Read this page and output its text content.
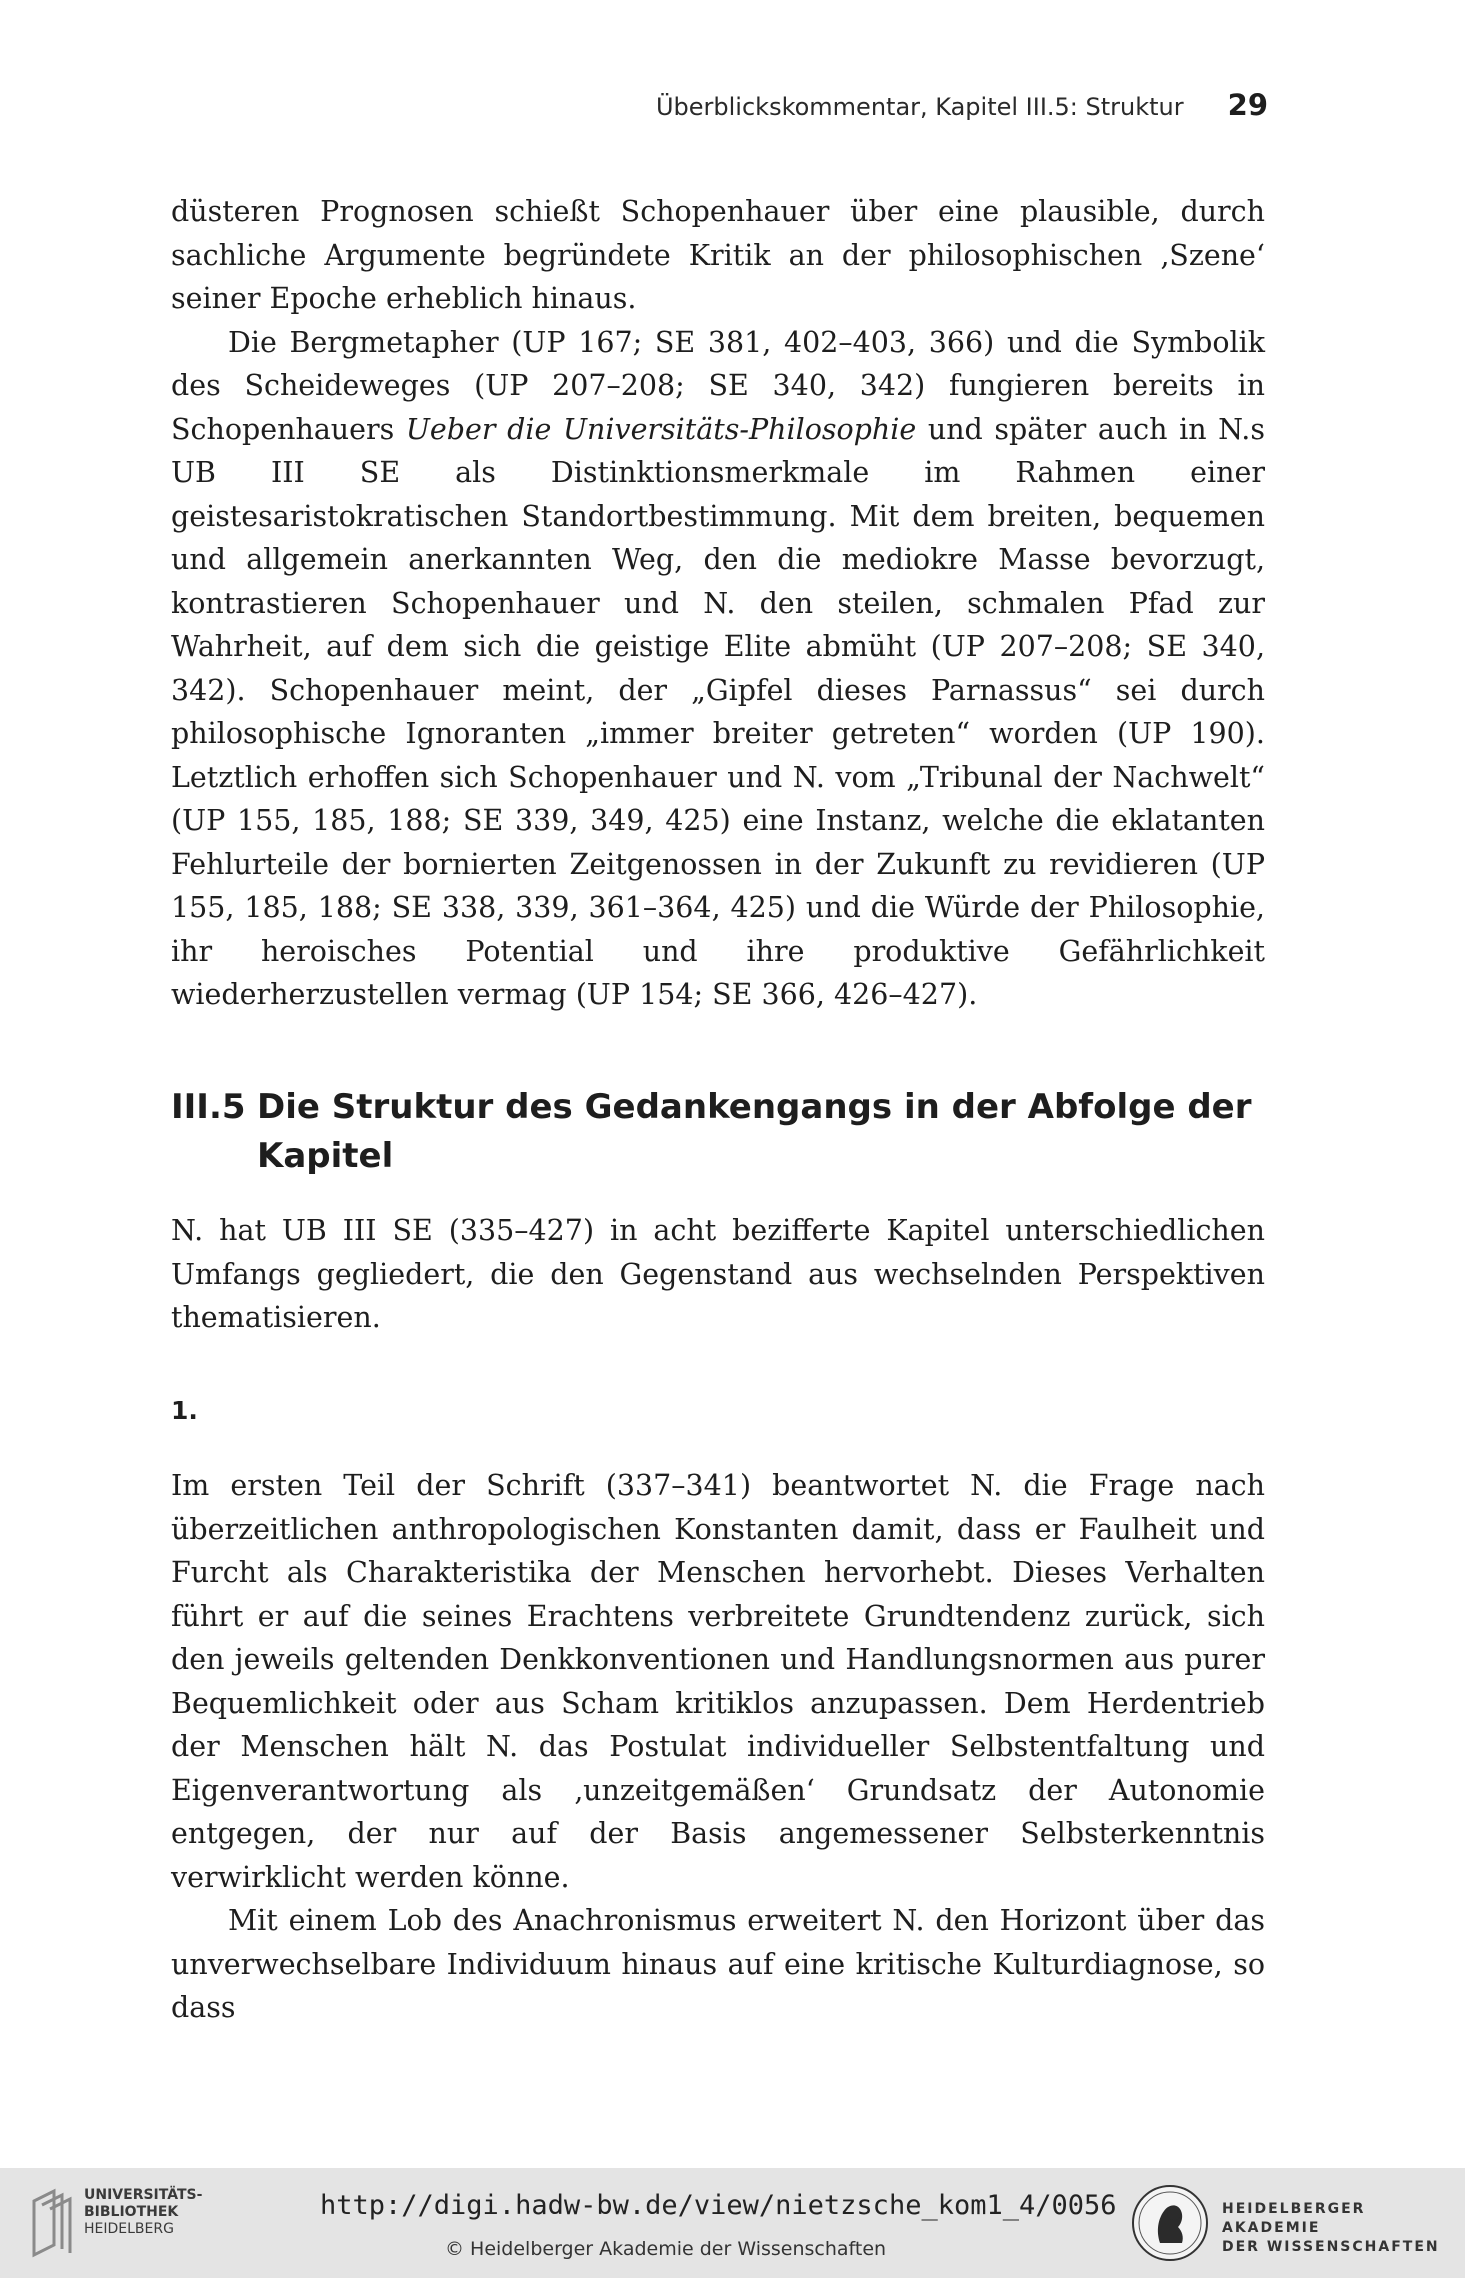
Überblickskommentar, Kapitel III.5: Struktur 29

düsteren Prognosen schießt Schopenhauer über eine plausible, durch sachliche Argumente begründete Kritik an der philosophischen ‚Szene‘ seiner Epoche erheblich hinaus.

Die Bergmetapher (UP 167; SE 381, 402–403, 366) und die Symbolik des Scheideweges (UP 207–208; SE 340, 342) fungieren bereits in Schopenhauers Ueber die Universitäts-Philosophie und später auch in N.s UB III SE als Distinktionsmerkmale im Rahmen einer geistesaristokratischen Standortbestimmung. Mit dem breiten, bequemen und allgemein anerkannten Weg, den die mediokre Masse bevorzugt, kontrastieren Schopenhauer und N. den steilen, schmalen Pfad zur Wahrheit, auf dem sich die geistige Elite abmüht (UP 207–208; SE 340, 342). Schopenhauer meint, der „Gipfel dieses Parnassus“ sei durch philosophische Ignoranten „immer breiter getreten“ worden (UP 190). Letztlich erhoffen sich Schopenhauer und N. vom „Tribunal der Nachwelt“ (UP 155, 185, 188; SE 339, 349, 425) eine Instanz, welche die eklatanten Fehlurteile der bornierten Zeitgenossen in der Zukunft zu revidieren (UP 155, 185, 188; SE 338, 339, 361–364, 425) und die Würde der Philosophie, ihr heroisches Potential und ihre produktive Gefährlichkeit wiederherzustellen vermag (UP 154; SE 366, 426–427).

III.5 Die Struktur des Gedankengangs in der Abfolge der Kapitel

N. hat UB III SE (335–427) in acht bezifferte Kapitel unterschiedlichen Umfangs gegliedert, die den Gegenstand aus wechselnden Perspektiven thematisieren.

1.

Im ersten Teil der Schrift (337–341) beantwortet N. die Frage nach überzeitlichen anthropologischen Konstanten damit, dass er Faulheit und Furcht als Charakteristika der Menschen hervorhebt. Dieses Verhalten führt er auf die seines Erachtens verbreitete Grundtendenz zurück, sich den jeweils geltenden Denkkonventionen und Handlungsnormen aus purer Bequemlichkeit oder aus Scham kritiklos anzupassen. Dem Herdentrieb der Menschen hält N. das Postulat individueller Selbstentfaltung und Eigenverantwortung als ‚unzeitgemäßen‘ Grundsatz der Autonomie entgegen, der nur auf der Basis angemessener Selbsterkenntnis verwirklicht werden könne.

Mit einem Lob des Anachronismus erweitert N. den Horizont über das unverwechselbare Individuum hinaus auf eine kritische Kulturdiagnose, so dass

UNIVERSITÄTS-
BIBLIOTHEK
HEIDELBERG
http://digi.hadw-bw.de/view/nietzsche_kom1_4/0056
© Heidelberger Akademie der Wissenschaften
HEIDELBERGER AKADEMIE
DER WISSENSCHAFTEN
